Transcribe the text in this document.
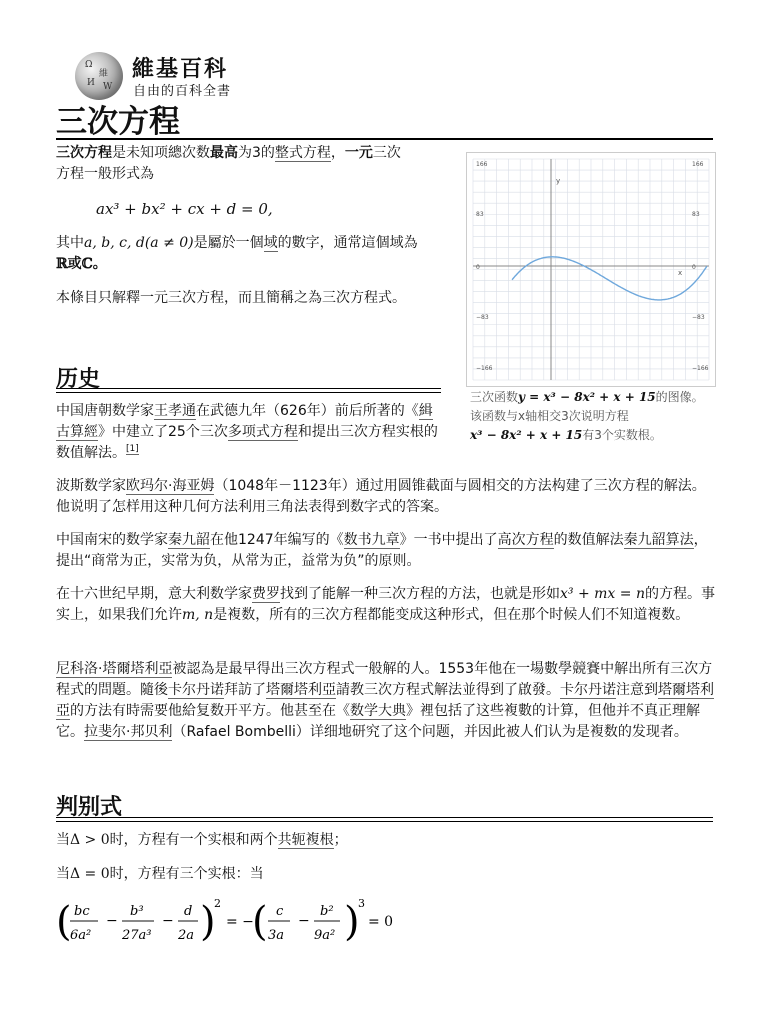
Ω
維
И W
維基百科
自由的百科全書
三次方程

三次方程是未知项總次数最高为3的整式方程，一元三次
方程一般形式為

ax³ + bx² + cx + d = 0,

其中a, b, c, d(a ≠ 0)是屬於一個域的數字，通常這個域為
ℝ或ℂ。

本條目只解釋一元三次方程，而且簡稱之為三次方程式。

y
x
166	166
83	83
0	0
−83	−83
−166	−166
三次函数y = x³ − 8x² + x + 15的图像。
该函数与x轴相交3次说明方程
x³ − 8x² + x + 15有3个实数根。
历史

中国唐朝数学家王孝通在武德九年（626年）前后所著的《緝古算經》中建立了25个三次多项式方程和提出三次方程实根的数值解法。[1]

波斯数学家欧玛尔·海亚姆（1048年－1123年）通过用圆锥截面与圆相交的方法构建了三次方程的解法。他说明了怎样用这种几何方法利用三角法表得到数字式的答案。

中国南宋的数学家秦九韶在他1247年编写的《数书九章》一书中提出了高次方程的数值解法秦九韶算法，提出“商常为正，实常为负，从常为正，益常为负”的原则。

在十六世纪早期，意大利数学家费罗找到了能解一种三次方程的方法，也就是形如x³ + mx = n的方程。事实上，如果我们允许m, n是複数，所有的三次方程都能变成这种形式，但在那个时候人们不知道複数。

尼科洛·塔爾塔利亞被認為是最早得出三次方程式一般解的人。1553年他在一場數學競賽中解出所有三次方程式的問題。隨後卡尔丹诺拜訪了塔爾塔利亞請教三次方程式解法並得到了啟發。卡尔丹诺注意到塔爾塔利亞的方法有時需要他給复数开平方。他甚至在《数学大典》裡包括了这些複數的计算，但他并不真正理解它。拉斐尔·邦贝利（Rafael Bombelli）详细地研究了这个问题，并因此被人们认为是複数的发现者。

判别式

当Δ > 0时，方程有一个实根和两个共轭複根；

当Δ = 0时，方程有三个实根：当

( bc
6a²
−
b³
27a³
−
d
2a )
2
= −
( c
3a
−
b²
9a² )
3
= 0
